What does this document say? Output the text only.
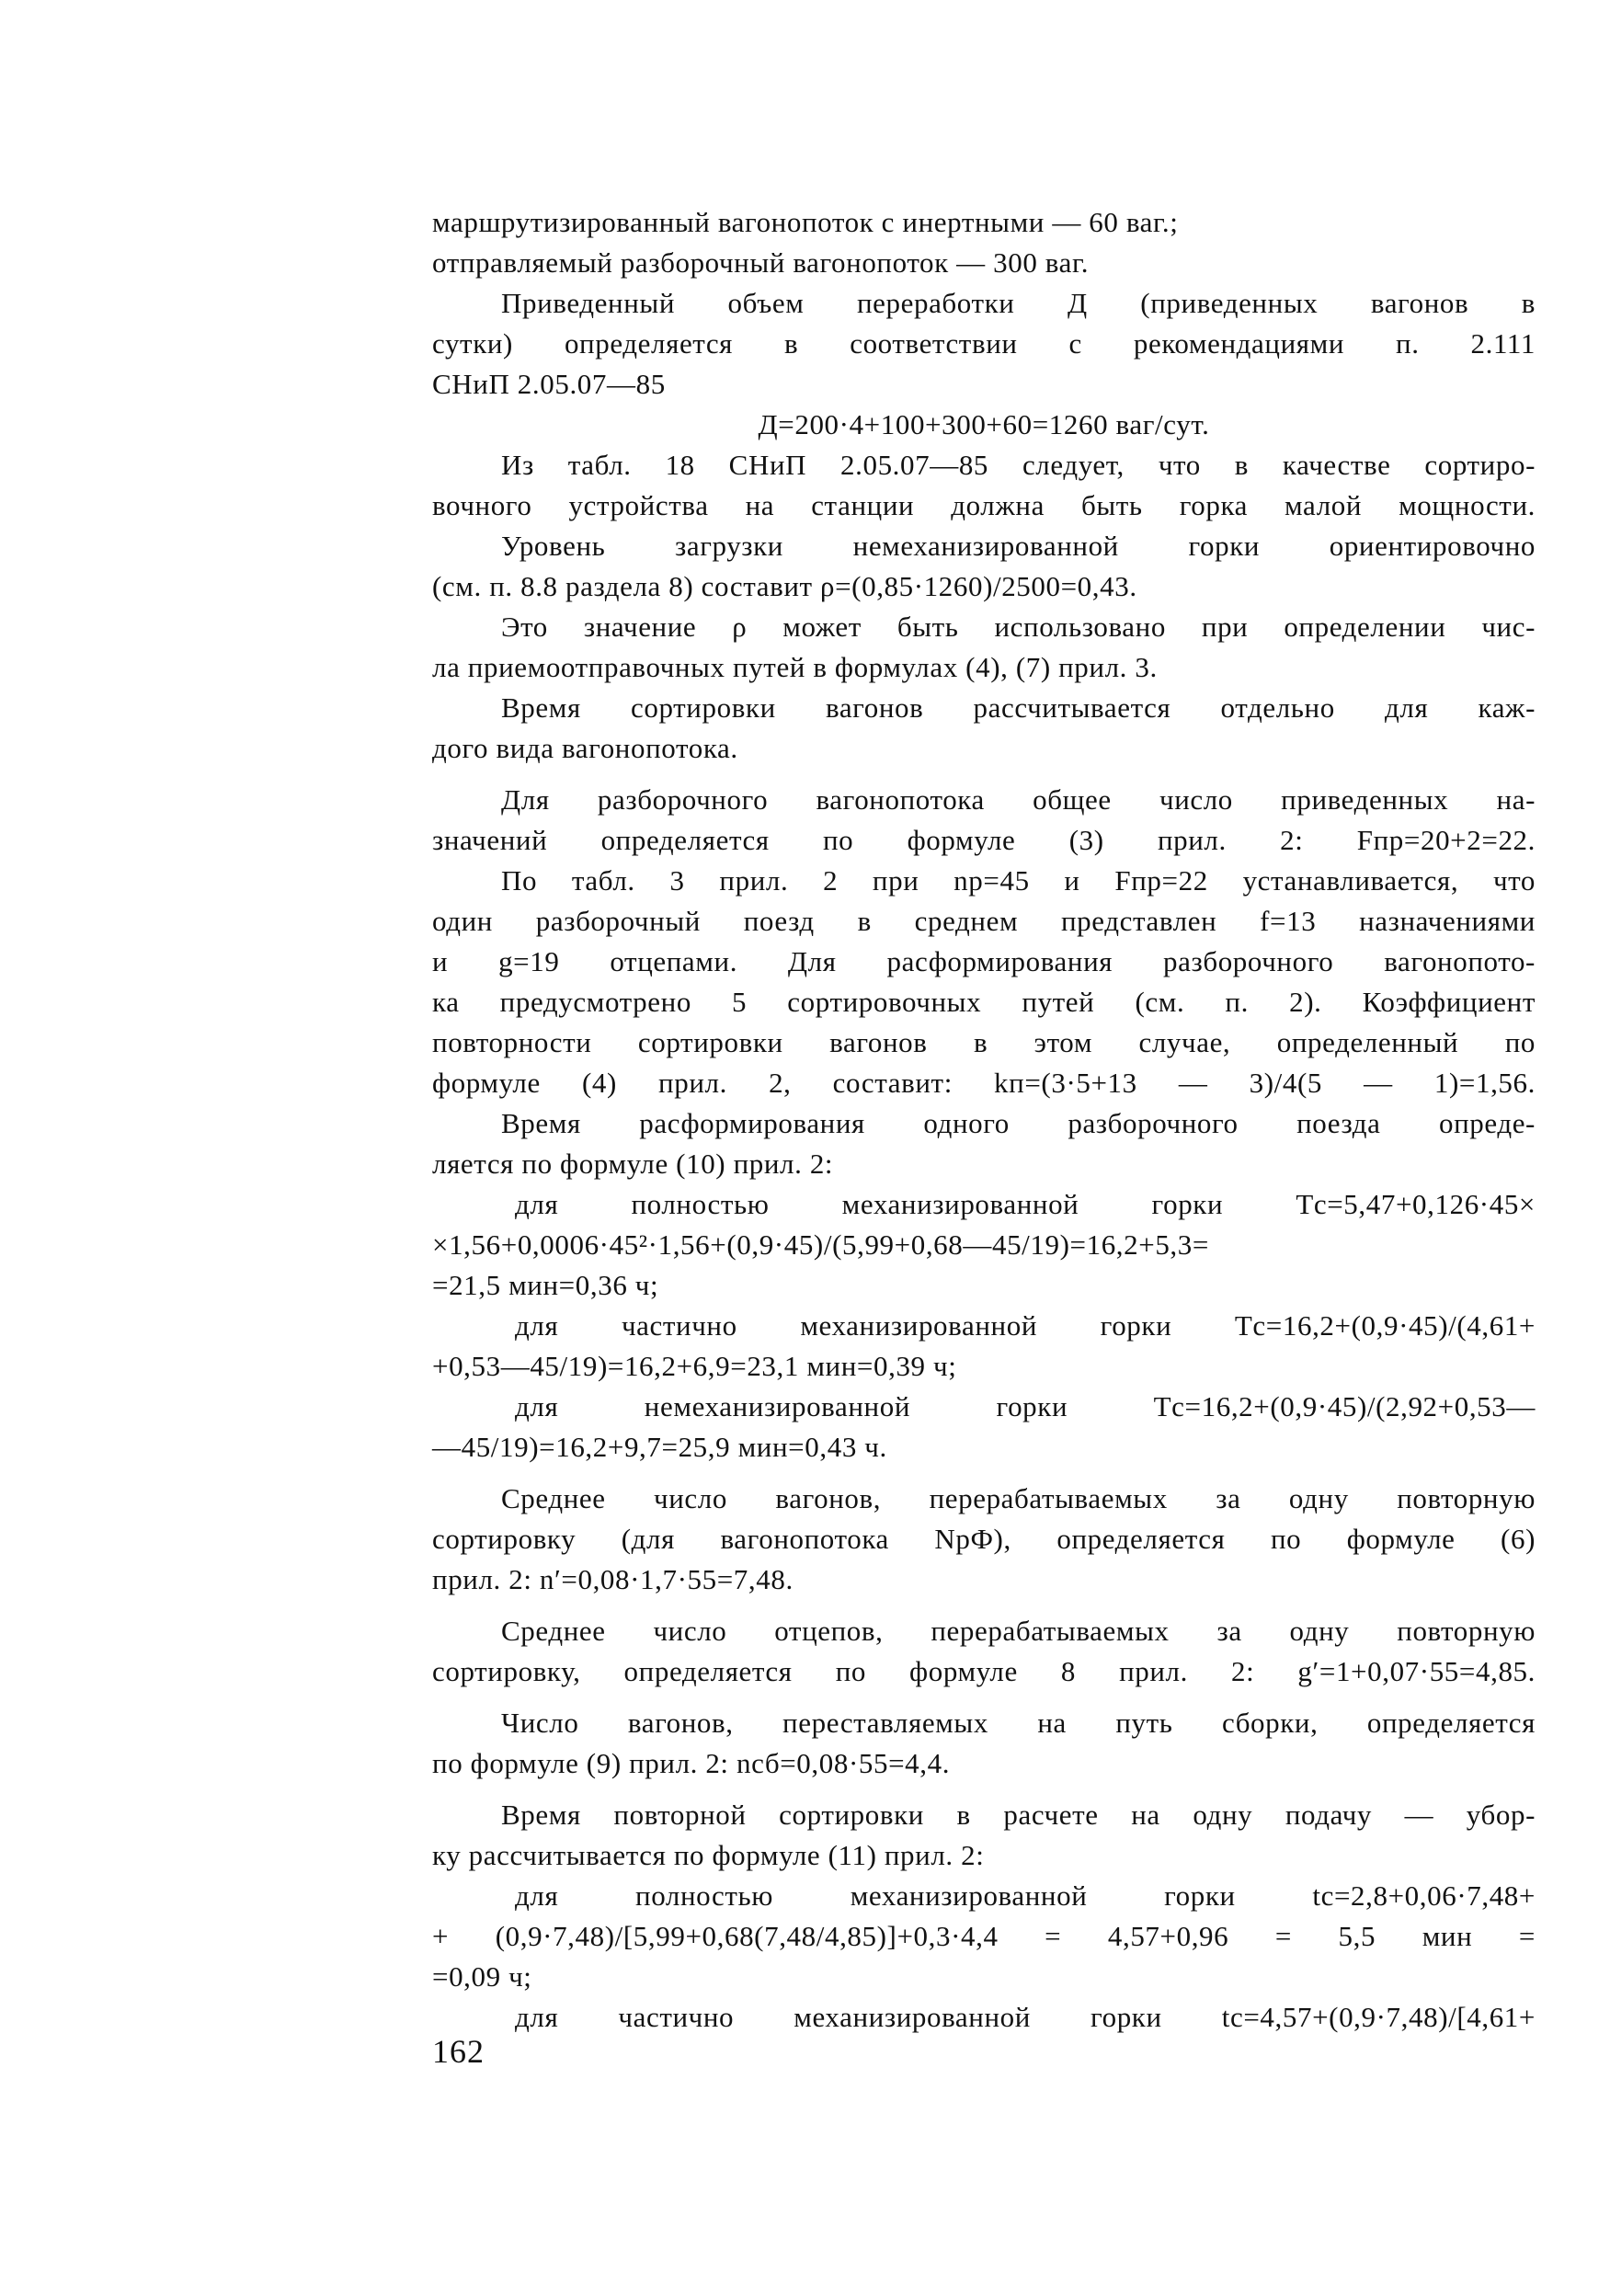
маршрутизированный вагонопоток с инертными — 60 ваг.;
отправляемый разборочный вагонопоток — 300 ваг.
Приведенный объем переработки Д (приведенных вагонов в
сутки) определяется в соответствии с рекомендациями п. 2.111
СНиП 2.05.07—85
Д=200·4+100+300+60=1260 ваг/сут.
Из табл. 18 СНиП 2.05.07—85 следует, что в качестве сортиро-
вочного устройства на станции должна быть горка малой мощности.
Уровень загрузки немеханизированной горки ориентировочно
(см. п. 8.8 раздела 8) составит ρ=(0,85·1260)/2500=0,43.
Это значение ρ может быть использовано при определении чис-
ла приемоотправочных путей в формулах (4), (7) прил. 3.
Время сортировки вагонов рассчитывается отдельно для каж-
дого вида вагонопотока.
Для разборочного вагонопотока общее число приведенных на-
значений определяется по формуле (3) прил. 2: Fпр=20+2=22.
По табл. 3 прил. 2 при nр=45 и Fпр=22 устанавливается, что
один разборочный поезд в среднем представлен f=13 назначениями
и g=19 отцепами. Для расформирования разборочного вагонопото-
ка предусмотрено 5 сортировочных путей (см. п. 2). Коэффициент
повторности сортировки вагонов в этом случае, определенный по
формуле (4) прил. 2, составит: kп=(3·5+13 — 3)/4(5 — 1)=1,56.
Время расформирования одного разборочного поезда опреде-
ляется по формуле (10) прил. 2:
для полностью механизированной горки Tс=5,47+0,126·45×
×1,56+0,0006·45²·1,56+(0,9·45)/(5,99+0,68—45/19)=16,2+5,3=
=21,5 мин=0,36 ч;
для частично механизированной горки Tс=16,2+(0,9·45)/(4,61+
+0,53—45/19)=16,2+6,9=23,1 мин=0,39 ч;
для немеханизированной горки Tс=16,2+(0,9·45)/(2,92+0,53—
—45/19)=16,2+9,7=25,9 мин=0,43 ч.
Среднее число вагонов, перерабатываемых за одну повторную
сортировку (для вагонопотока NрФ), определяется по формуле (6)
прил. 2: n′=0,08·1,7·55=7,48.
Среднее число отцепов, перерабатываемых за одну повторную
сортировку, определяется по формуле 8 прил. 2: g′=1+0,07·55=4,85.
Число вагонов, переставляемых на путь сборки, определяется
по формуле (9) прил. 2: nсб=0,08·55=4,4.
Время повторной сортировки в расчете на одну подачу — убор-
ку рассчитывается по формуле (11) прил. 2:
для полностью механизированной горки tс=2,8+0,06·7,48+
+ (0,9·7,48)/[5,99+0,68(7,48/4,85)]+0,3·4,4 = 4,57+0,96 = 5,5 мин =
=0,09 ч;
для частично механизированной горки tс=4,57+(0,9·7,48)/[4,61+
162
